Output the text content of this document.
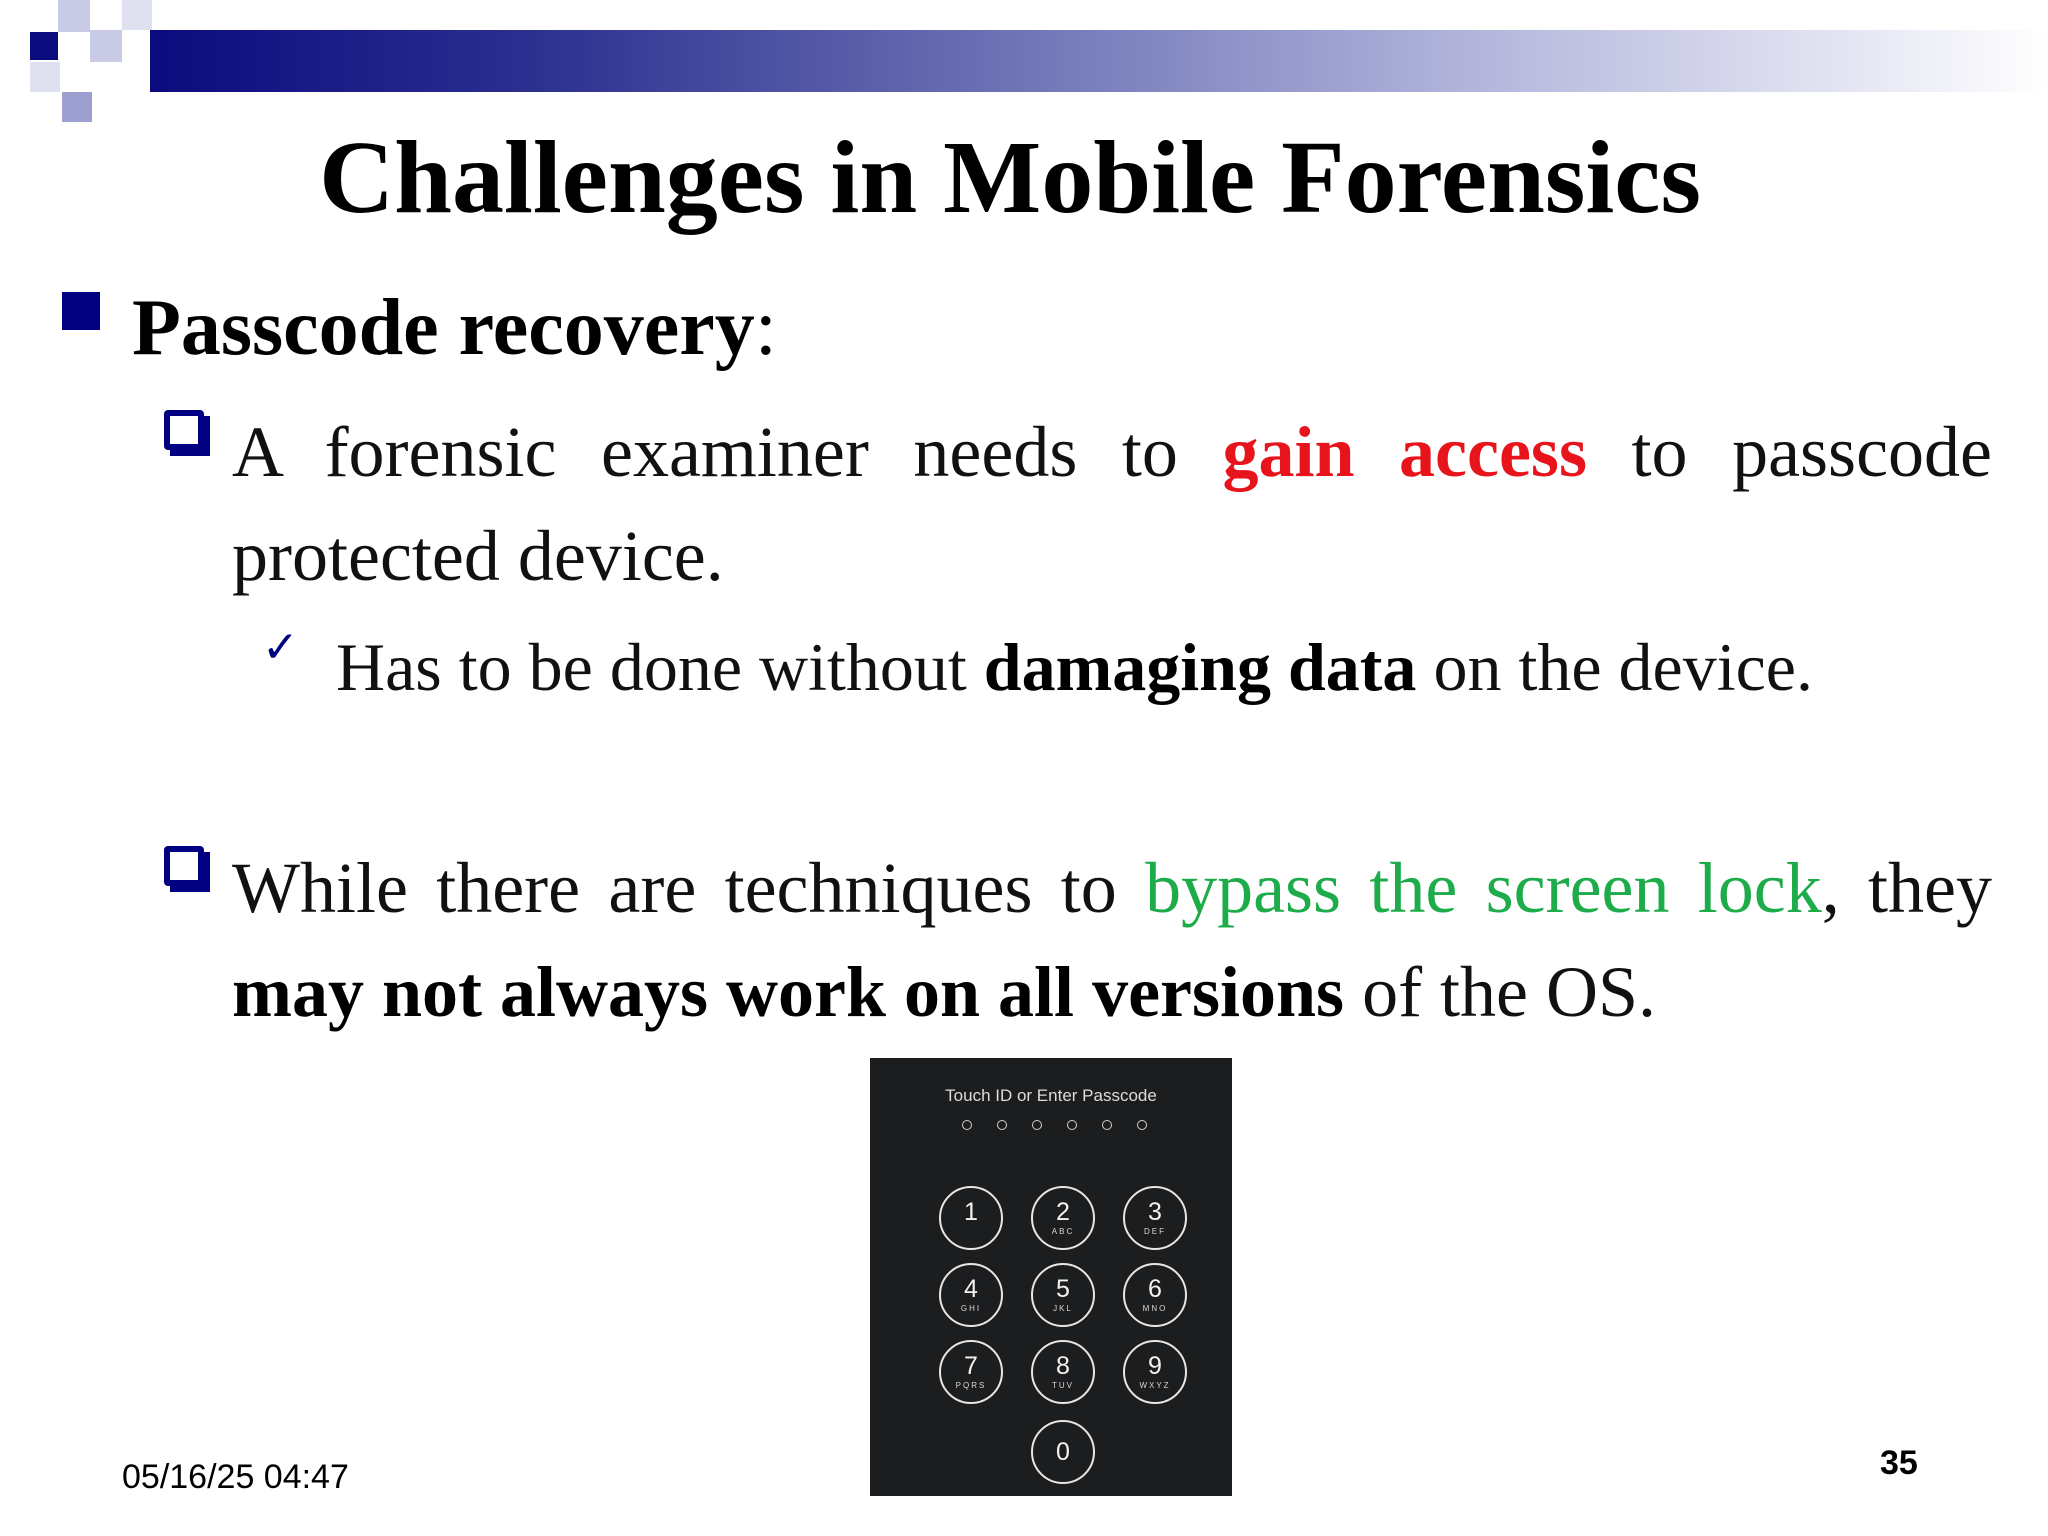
Challenges in Mobile Forensics
Passcode recovery:
A forensic examiner needs to gain access to passcode protected device.
✓ Has to be done without damaging data on the device.
While there are techniques to bypass the screen lock, they may not always work on all versions of the OS.
Touch ID or Enter Passcode
1	2
ABC
3
DEF
4
GHI
5
JKL
6
MNO
7
PQRS
8
TUV
9
WXYZ
0
05/16/25 04:47	35
